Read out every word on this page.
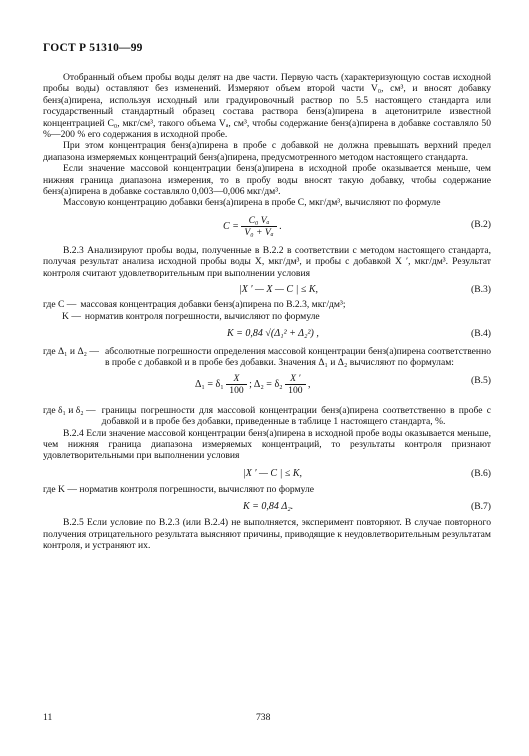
ГОСТ Р 51310—99

Отобранный объем пробы воды делят на две части. Первую часть (характеризующую состав исходной пробы воды) оставляют без изменений. Измеряют объем второй части V₀, см³, и вносят добавку бенз(а)пирена, используя исходный или градуировочный раствор по 5.5 настоящего стандарта или государственный стандартный образец состава раствора бенз(а)пирена в ацетонитриле известной концентрацией C₀, мкг/см³, такого объема Vₐ, см³, чтобы содержание бенз(а)пирена в добавке составляло 50 %—200 % его содержания в исходной пробе.

При этом концентрация бенз(а)пирена в пробе с добавкой не должна превышать верхний предел диапазона измеряемых концентраций бенз(а)пирена, предусмотренного методом настоящего стандарта.

Если значение массовой концентрации бенз(а)пирена в исходной пробе оказывается меньше, чем нижняя граница диапазона измерения, то в пробу воды вносят такую добавку, чтобы содержание бенз(а)пирена в добавке составляло 0,003—0,006 мкг/дм³.

Массовую концентрацию добавки бенз(а)пирена в пробе C, мкг/дм³, вычисляют по формуле

$C = \frac{\text{C₀ Vₐ}}{\text{V₀ + Vₐ}}$ .	(В.2)

В.2.3 Анализируют пробы воды, полученные в В.2.2 в соответствии с методом настоящего стандарта, получая результат анализа исходной пробы воды X, мкг/дм³, и пробы с добавкой X ′, мкг/дм³. Результат контроля считают удовлетворительным при выполнении условия

|X ′ — X — C | ≤ K,	(В.3)
где C — массовая концентрация добавки бенз(а)пирена по В.2.3, мкг/дм³;
K — норматив контроля погрешности, вычисляют по формуле
K = 0,84 √(Δ₁² + Δ₂²) ,	(В.4)
где Δ₁ и Δ₂ — абсолютные погрешности определения массовой концентрации бенз(а)пирена соответственно в пробе с добавкой и в пробе без добавки. Значения Δ₁ и Δ₂ вычисляют по формулам:
$\Delta_1 = \delta_1 \frac{X}{100}$ ; $\Delta_2 = \delta_2 \frac{X '}{100}$ ,	(В.5)
где δ₁ и δ₂ — границы погрешности для массовой концентрации бенз(а)пирена соответственно в пробе с добавкой и в пробе без добавки, приведенные в таблице 1 настоящего стандарта, %.

В.2.4 Если значение массовой концентрации бенз(а)пирена в исходной пробе воды оказывается меньше, чем нижняя граница диапазона измеряемых концентраций, то результаты контроля признают удовлетворительными при выполнении условия

|X ′ — C | ≤ K,	(В.6)

где K — норматив контроля погрешности, вычисляют по формуле

K = 0,84 Δ₂.	(В.7)

В.2.5 Если условие по В.2.3 (или В.2.4) не выполняется, эксперимент повторяют. В случае повторного получения отрицательного результата выясняют причины, приводящие к неудовлетворительным результатам контроля, и устраняют их.

11	738
